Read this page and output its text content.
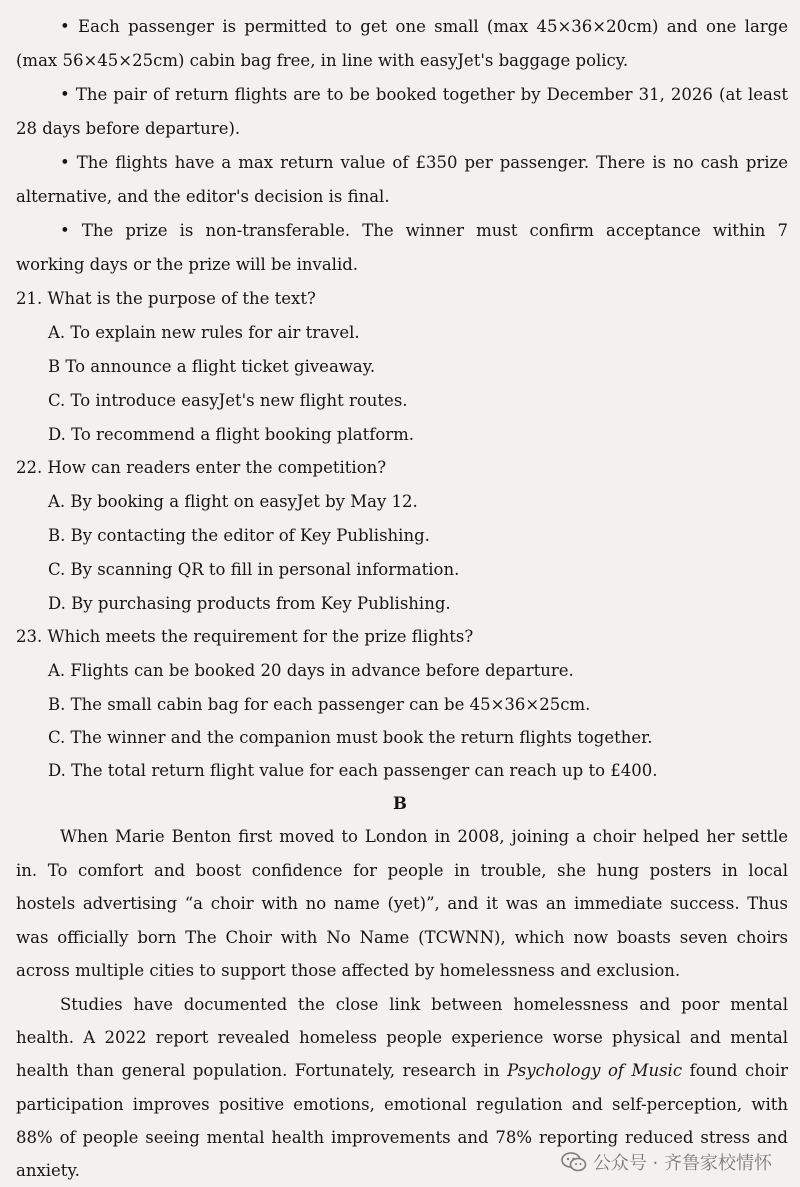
• Each passenger is permitted to get one small (max 45×36×20cm) and one large
(max 56×45×25cm) cabin bag free, in line with easyJet's baggage policy.
• The pair of return flights are to be booked together by December 31, 2026 (at least
28 days before departure).
• The flights have a max return value of £350 per passenger. There is no cash prize
alternative, and the editor's decision is final.
• The prize is non-transferable. The winner must confirm acceptance within 7
working days or the prize will be invalid.
21. What is the purpose of the text?
A. To explain new rules for air travel.
B To announce a flight ticket giveaway.
C. To introduce easyJet's new flight routes.
D. To recommend a flight booking platform.
22. How can readers enter the competition?
A. By booking a flight on easyJet by May 12.
B. By contacting the editor of Key Publishing.
C. By scanning QR to fill in personal information.
D. By purchasing products from Key Publishing.
23. Which meets the requirement for the prize flights?
A. Flights can be booked 20 days in advance before departure.
B. The small cabin bag for each passenger can be 45×36×25cm.
C. The winner and the companion must book the return flights together.
D. The total return flight value for each passenger can reach up to £400.
B
When Marie Benton first moved to London in 2008, joining a choir helped her settle
in. To comfort and boost confidence for people in trouble, she hung posters in local
hostels advertising “a choir with no name (yet)”, and it was an immediate success. Thus
was officially born The Choir with No Name (TCWNN), which now boasts seven choirs
across multiple cities to support those affected by homelessness and exclusion.
Studies have documented the close link between homelessness and poor mental
health. A 2022 report revealed homeless people experience worse physical and mental
health than general population. Fortunately, research in Psychology of Music found choir
participation improves positive emotions, emotional regulation and self-perception, with
88% of people seeing mental health improvements and 78% reporting reduced stress and
anxiety.	公众号 · 齐鲁家校情怀
